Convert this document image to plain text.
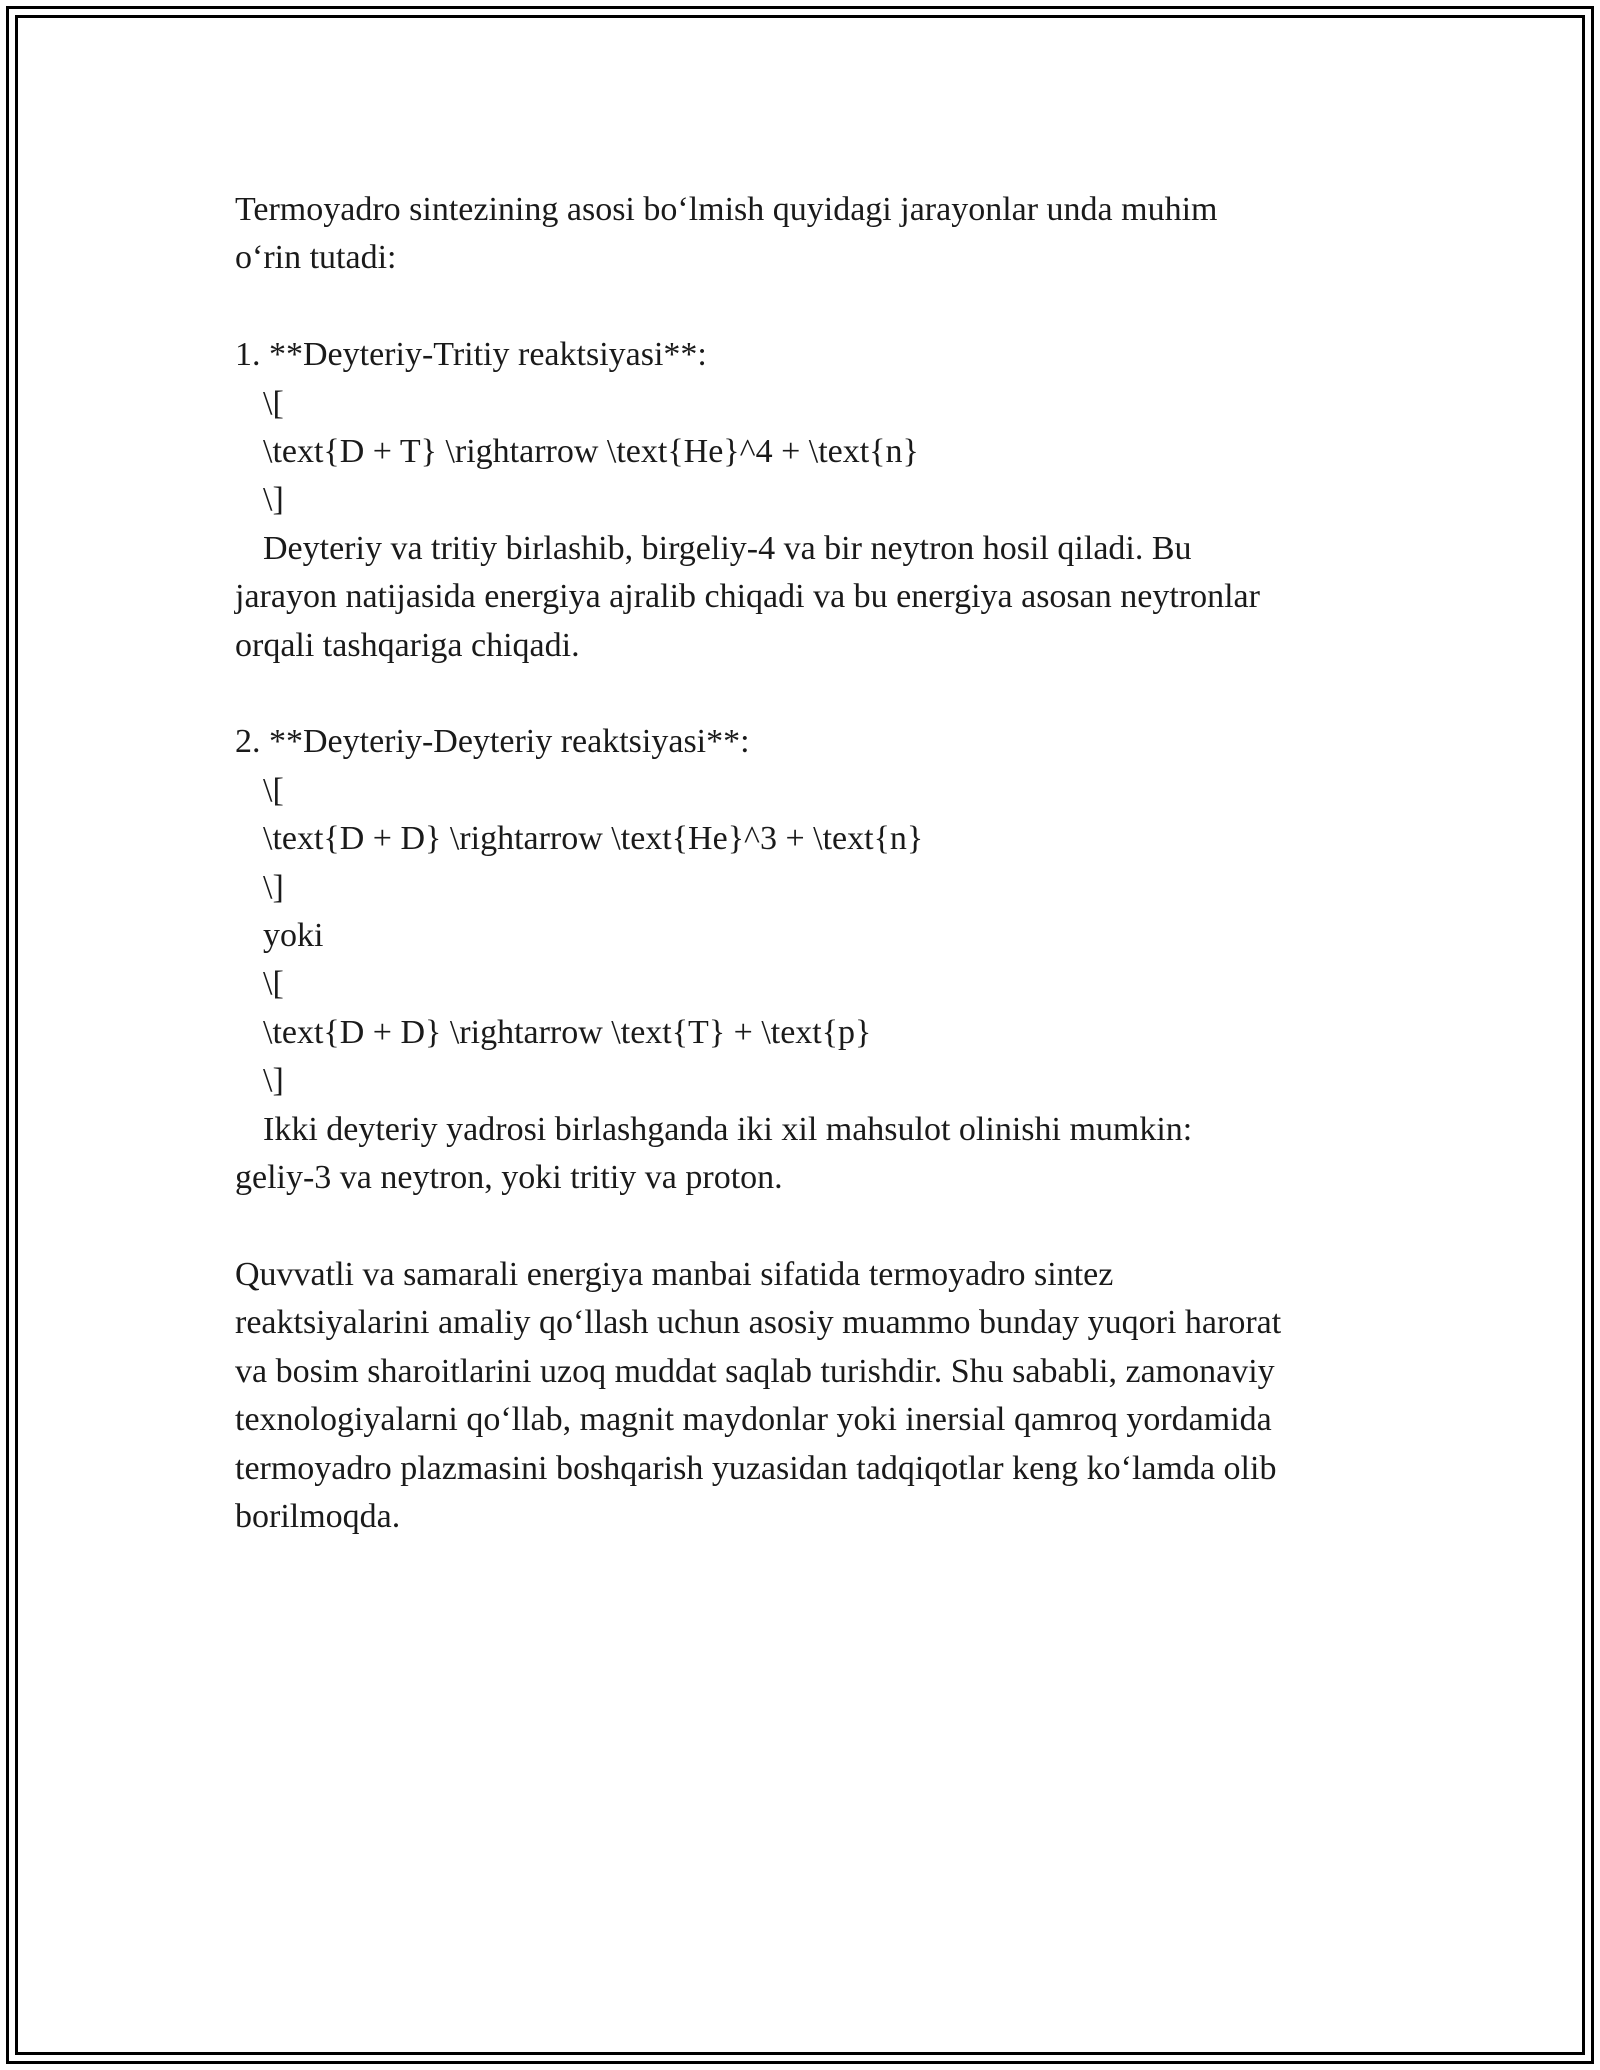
Termoyadro sintezining asosi bo‘lmish quyidagi jarayonlar unda muhim
o‘rin tutadi:
1. **Deyteriy-Tritiy reaktsiyasi**:
\[
\text{D + T} \rightarrow \text{He}^4 + \text{n}
\]
Deyteriy va tritiy birlashib, birgeliy-4 va bir neytron hosil qiladi. Bu
jarayon natijasida energiya ajralib chiqadi va bu energiya asosan neytronlar
orqali tashqariga chiqadi.
2. **Deyteriy-Deyteriy reaktsiyasi**:
\[
\text{D + D} \rightarrow \text{He}^3 + \text{n}
\]
yoki
\[
\text{D + D} \rightarrow \text{T} + \text{p}
\]
Ikki deyteriy yadrosi birlashganda iki xil mahsulot olinishi mumkin:
geliy-3 va neytron, yoki tritiy va proton.
Quvvatli va samarali energiya manbai sifatida termoyadro sintez
reaktsiyalarini amaliy qo‘llash uchun asosiy muammo bunday yuqori harorat
va bosim sharoitlarini uzoq muddat saqlab turishdir. Shu sababli, zamonaviy
texnologiyalarni qo‘llab, magnit maydonlar yoki inersial qamroq yordamida
termoyadro plazmasini boshqarish yuzasidan tadqiqotlar keng ko‘lamda olib
borilmoqda.
